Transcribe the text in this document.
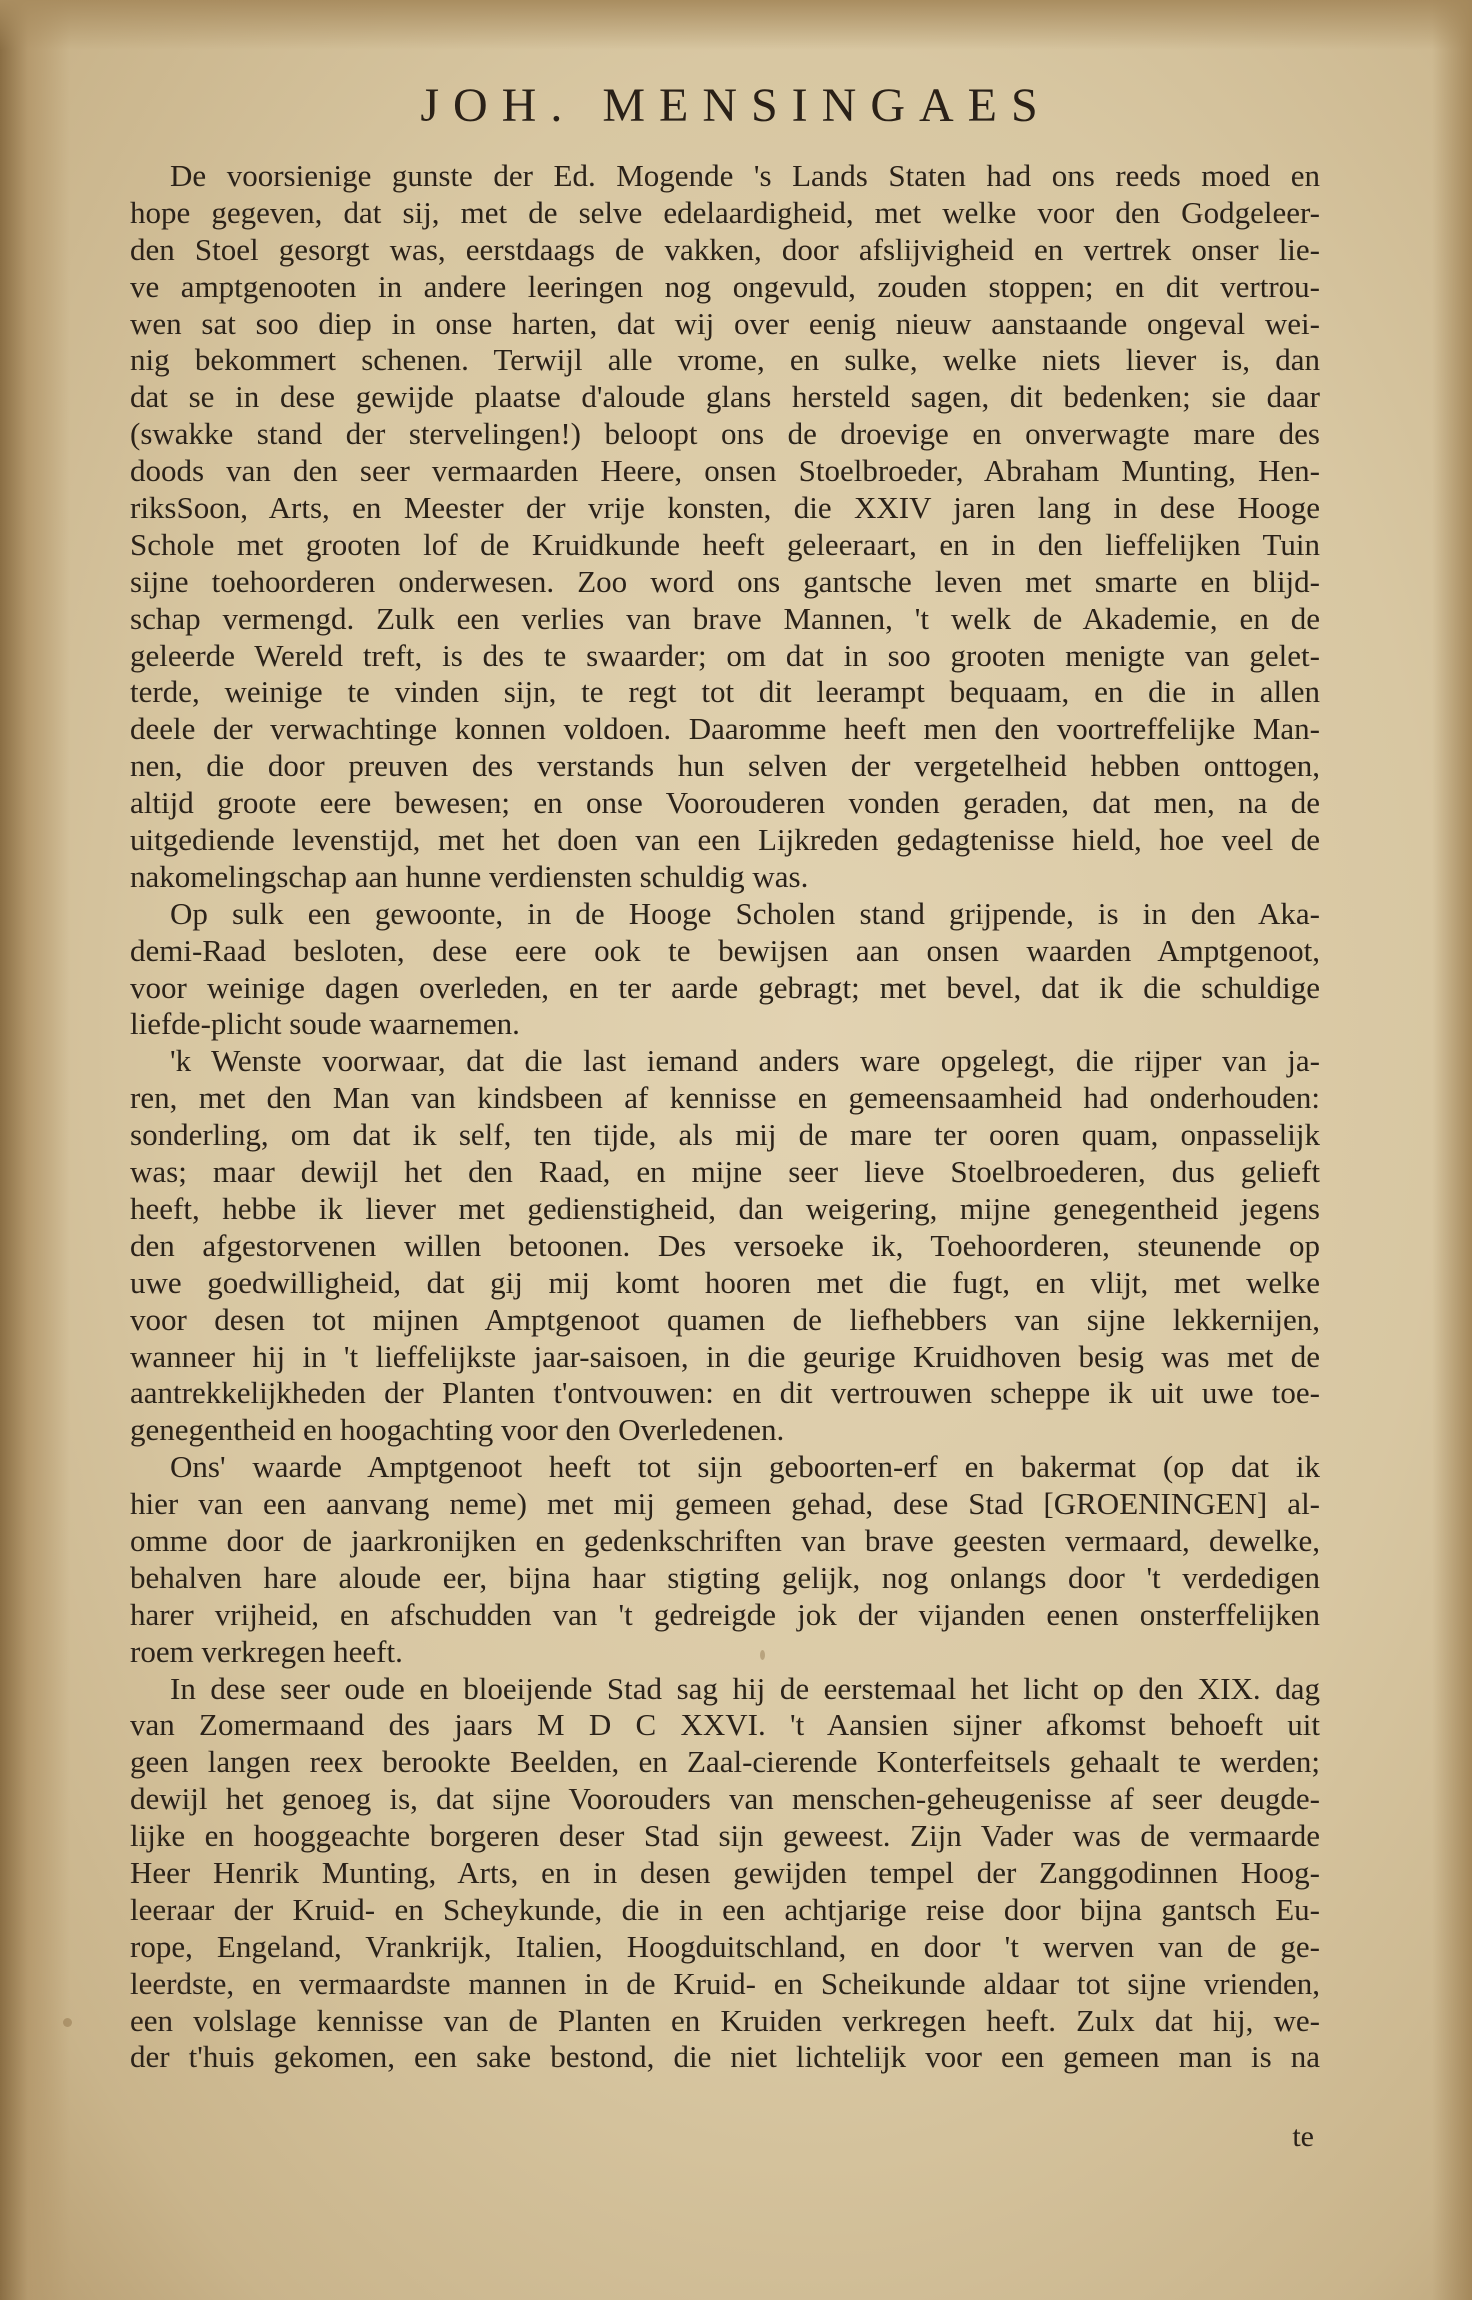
JOH. MENSINGAES
De voorsienige gunste der Ed. Mogende 's Lands Staten had ons reeds moed en
hope gegeven, dat sij, met de selve edelaardigheid, met welke voor den Godgeleer-
den Stoel gesorgt was, eerstdaags de vakken, door afslijvigheid en vertrek onser lie-
ve amptgenooten in andere leeringen nog ongevuld, zouden stoppen; en dit vertrou-
wen sat soo diep in onse harten, dat wij over eenig nieuw aanstaande ongeval wei-
nig bekommert schenen. Terwijl alle vrome, en sulke, welke niets liever is, dan
dat se in dese gewijde plaatse d'aloude glans hersteld sagen, dit bedenken; sie daar
(swakke stand der stervelingen!) beloopt ons de droevige en onverwagte mare des
doods van den seer vermaarden Heere, onsen Stoelbroeder, Abraham Munting, Hen-
riksSoon, Arts, en Meester der vrije konsten, die XXIV jaren lang in dese Hooge
Schole met grooten lof de Kruidkunde heeft geleeraart, en in den lieffelijken Tuin
sijne toehoorderen onderwesen. Zoo word ons gantsche leven met smarte en blijd-
schap vermengd. Zulk een verlies van brave Mannen, 't welk de Akademie, en de
geleerde Wereld treft, is des te swaarder; om dat in soo grooten menigte van gelet-
terde, weinige te vinden sijn, te regt tot dit leerampt bequaam, en die in allen
deele der verwachtinge konnen voldoen. Daaromme heeft men den voortreffelijke Man-
nen, die door preuven des verstands hun selven der vergetelheid hebben onttogen,
altijd groote eere bewesen; en onse Voorouderen vonden geraden, dat men, na de
uitgediende levenstijd, met het doen van een Lijkreden gedagtenisse hield, hoe veel de
nakomelingschap aan hunne verdiensten schuldig was.
Op sulk een gewoonte, in de Hooge Scholen stand grijpende, is in den Aka-
demi-Raad besloten, dese eere ook te bewijsen aan onsen waarden Amptgenoot,
voor weinige dagen overleden, en ter aarde gebragt; met bevel, dat ik die schuldige
liefde-plicht soude waarnemen.
'k Wenste voorwaar, dat die last iemand anders ware opgelegt, die rijper van ja-
ren, met den Man van kindsbeen af kennisse en gemeensaamheid had onderhouden:
sonderling, om dat ik self, ten tijde, als mij de mare ter ooren quam, onpasselijk
was; maar dewijl het den Raad, en mijne seer lieve Stoelbroederen, dus gelieft
heeft, hebbe ik liever met gedienstigheid, dan weigering, mijne genegentheid jegens
den afgestorvenen willen betoonen. Des versoeke ik, Toehoorderen, steunende op
uwe goedwilligheid, dat gij mij komt hooren met die fugt, en vlijt, met welke
voor desen tot mijnen Amptgenoot quamen de liefhebbers van sijne lekkernijen,
wanneer hij in 't lieffelijkste jaar-saisoen, in die geurige Kruidhoven besig was met de
aantrekkelijkheden der Planten t'ontvouwen: en dit vertrouwen scheppe ik uit uwe toe-
genegentheid en hoogachting voor den Overledenen.
Ons' waarde Amptgenoot heeft tot sijn geboorten-erf en bakermat (op dat ik
hier van een aanvang neme) met mij gemeen gehad, dese Stad [GROENINGEN] al-
omme door de jaarkronijken en gedenkschriften van brave geesten vermaard, dewelke,
behalven hare aloude eer, bijna haar stigting gelijk, nog onlangs door 't verdedigen
harer vrijheid, en afschudden van 't gedreigde jok der vijanden eenen onsterffelijken
roem verkregen heeft.
In dese seer oude en bloeijende Stad sag hij de eerstemaal het licht op den XIX. dag
van Zomermaand des jaars M D C XXVI. 't Aansien sijner afkomst behoeft uit
geen langen reex berookte Beelden, en Zaal-cierende Konterfeitsels gehaalt te werden;
dewijl het genoeg is, dat sijne Voorouders van menschen-geheugenisse af seer deugde-
lijke en hooggeachte borgeren deser Stad sijn geweest. Zijn Vader was de vermaarde
Heer Henrik Munting, Arts, en in desen gewijden tempel der Zanggodinnen Hoog-
leeraar der Kruid- en Scheykunde, die in een achtjarige reise door bijna gantsch Eu-
rope, Engeland, Vrankrijk, Italien, Hoogduitschland, en door 't werven van de ge-
leerdste, en vermaardste mannen in de Kruid- en Scheikunde aldaar tot sijne vrienden,
een volslage kennisse van de Planten en Kruiden verkregen heeft. Zulx dat hij, we-
der t'huis gekomen, een sake bestond, die niet lichtelijk voor een gemeen man is na
te
